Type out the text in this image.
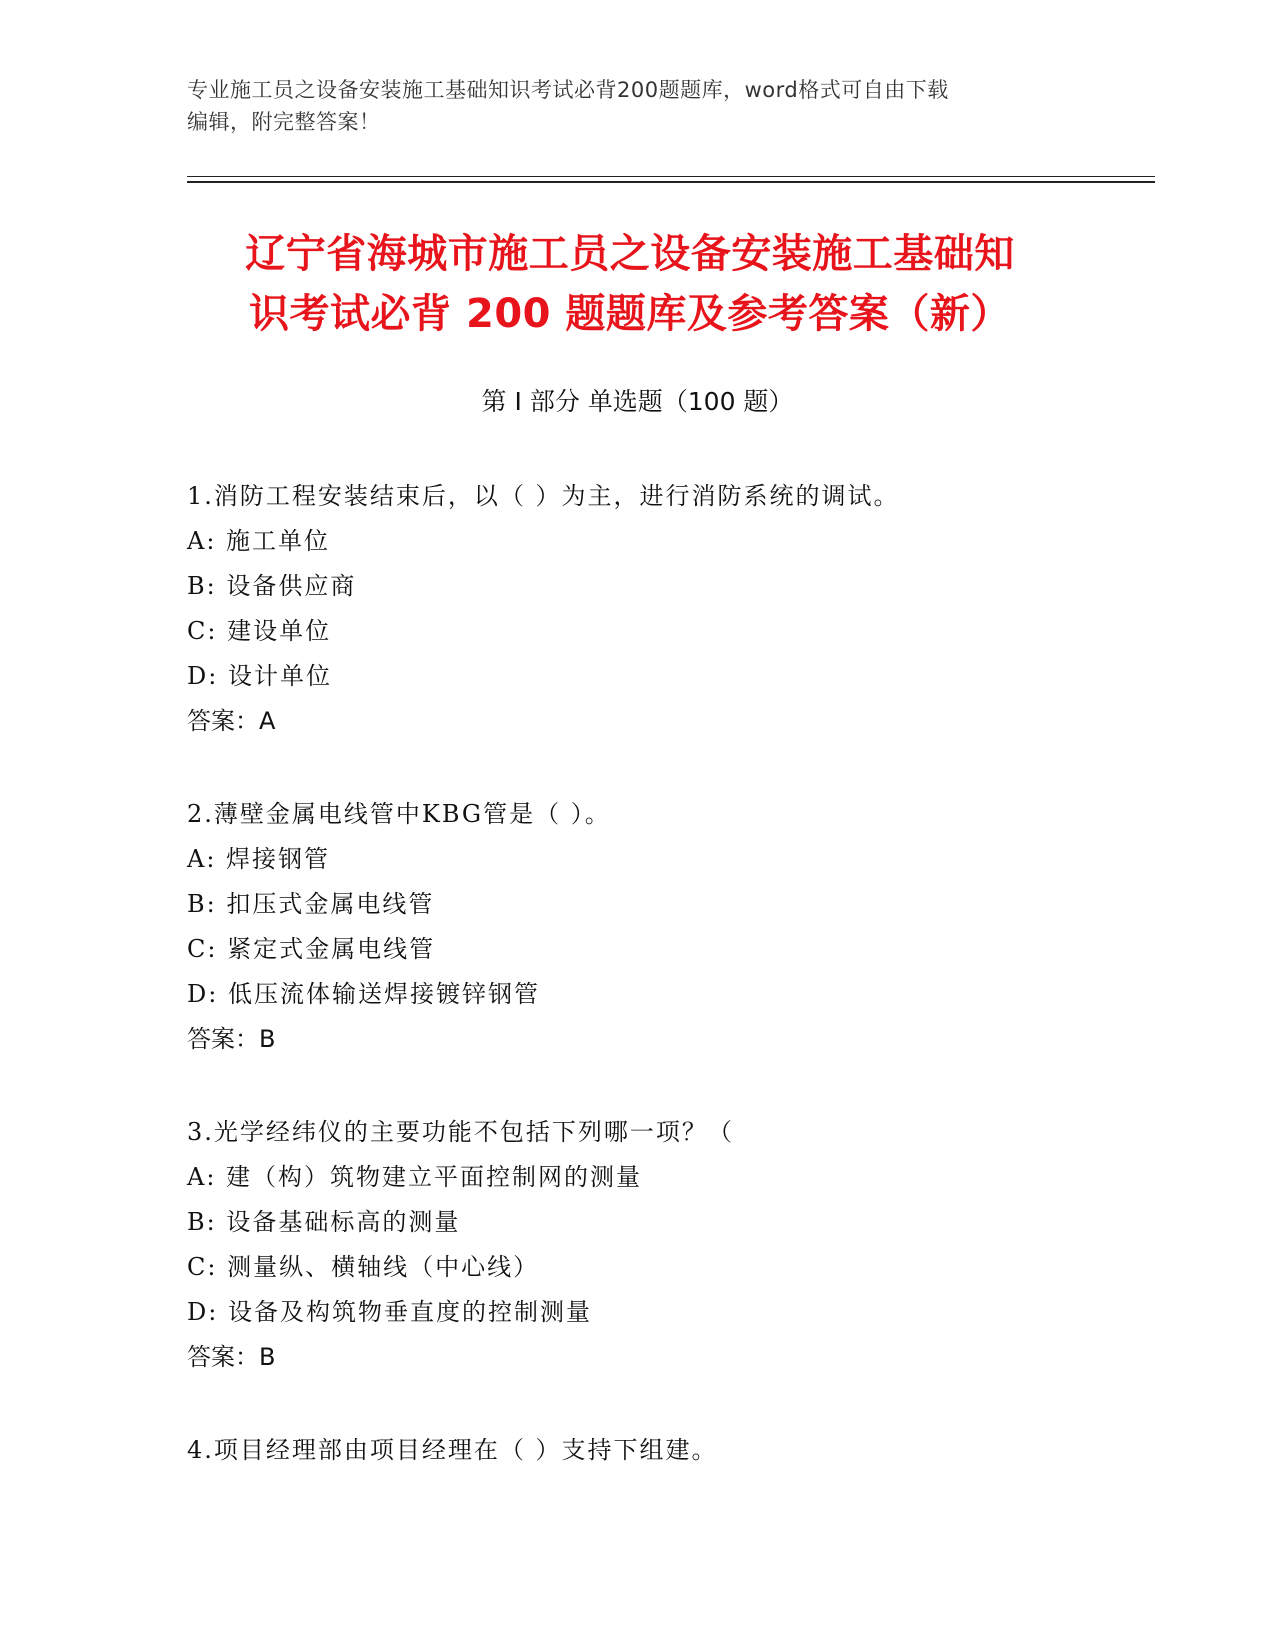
专业施工员之设备安装施工基础知识考试必背200题题库，word格式可自由下载
编辑，附完整答案！
辽宁省海城市施工员之设备安装施工基础知
识考试必背 200 题题库及参考答案（新）
第 I 部分 单选题（100 题）
1.消防工程安装结束后，以（ ）为主，进行消防系统的调试。
A: 施工单位
B: 设备供应商
C: 建设单位
D: 设计单位
答案：A
2.薄壁金属电线管中KBG管是（ ）。
A: 焊接钢管
B: 扣压式金属电线管
C: 紧定式金属电线管
D: 低压流体输送焊接镀锌钢管
答案：B
3.光学经纬仪的主要功能不包括下列哪一项？（
A: 建（构）筑物建立平面控制网的测量
B: 设备基础标高的测量
C: 测量纵、横轴线（中心线）
D: 设备及构筑物垂直度的控制测量
答案：B
4.项目经理部由项目经理在（ ）支持下组建。
